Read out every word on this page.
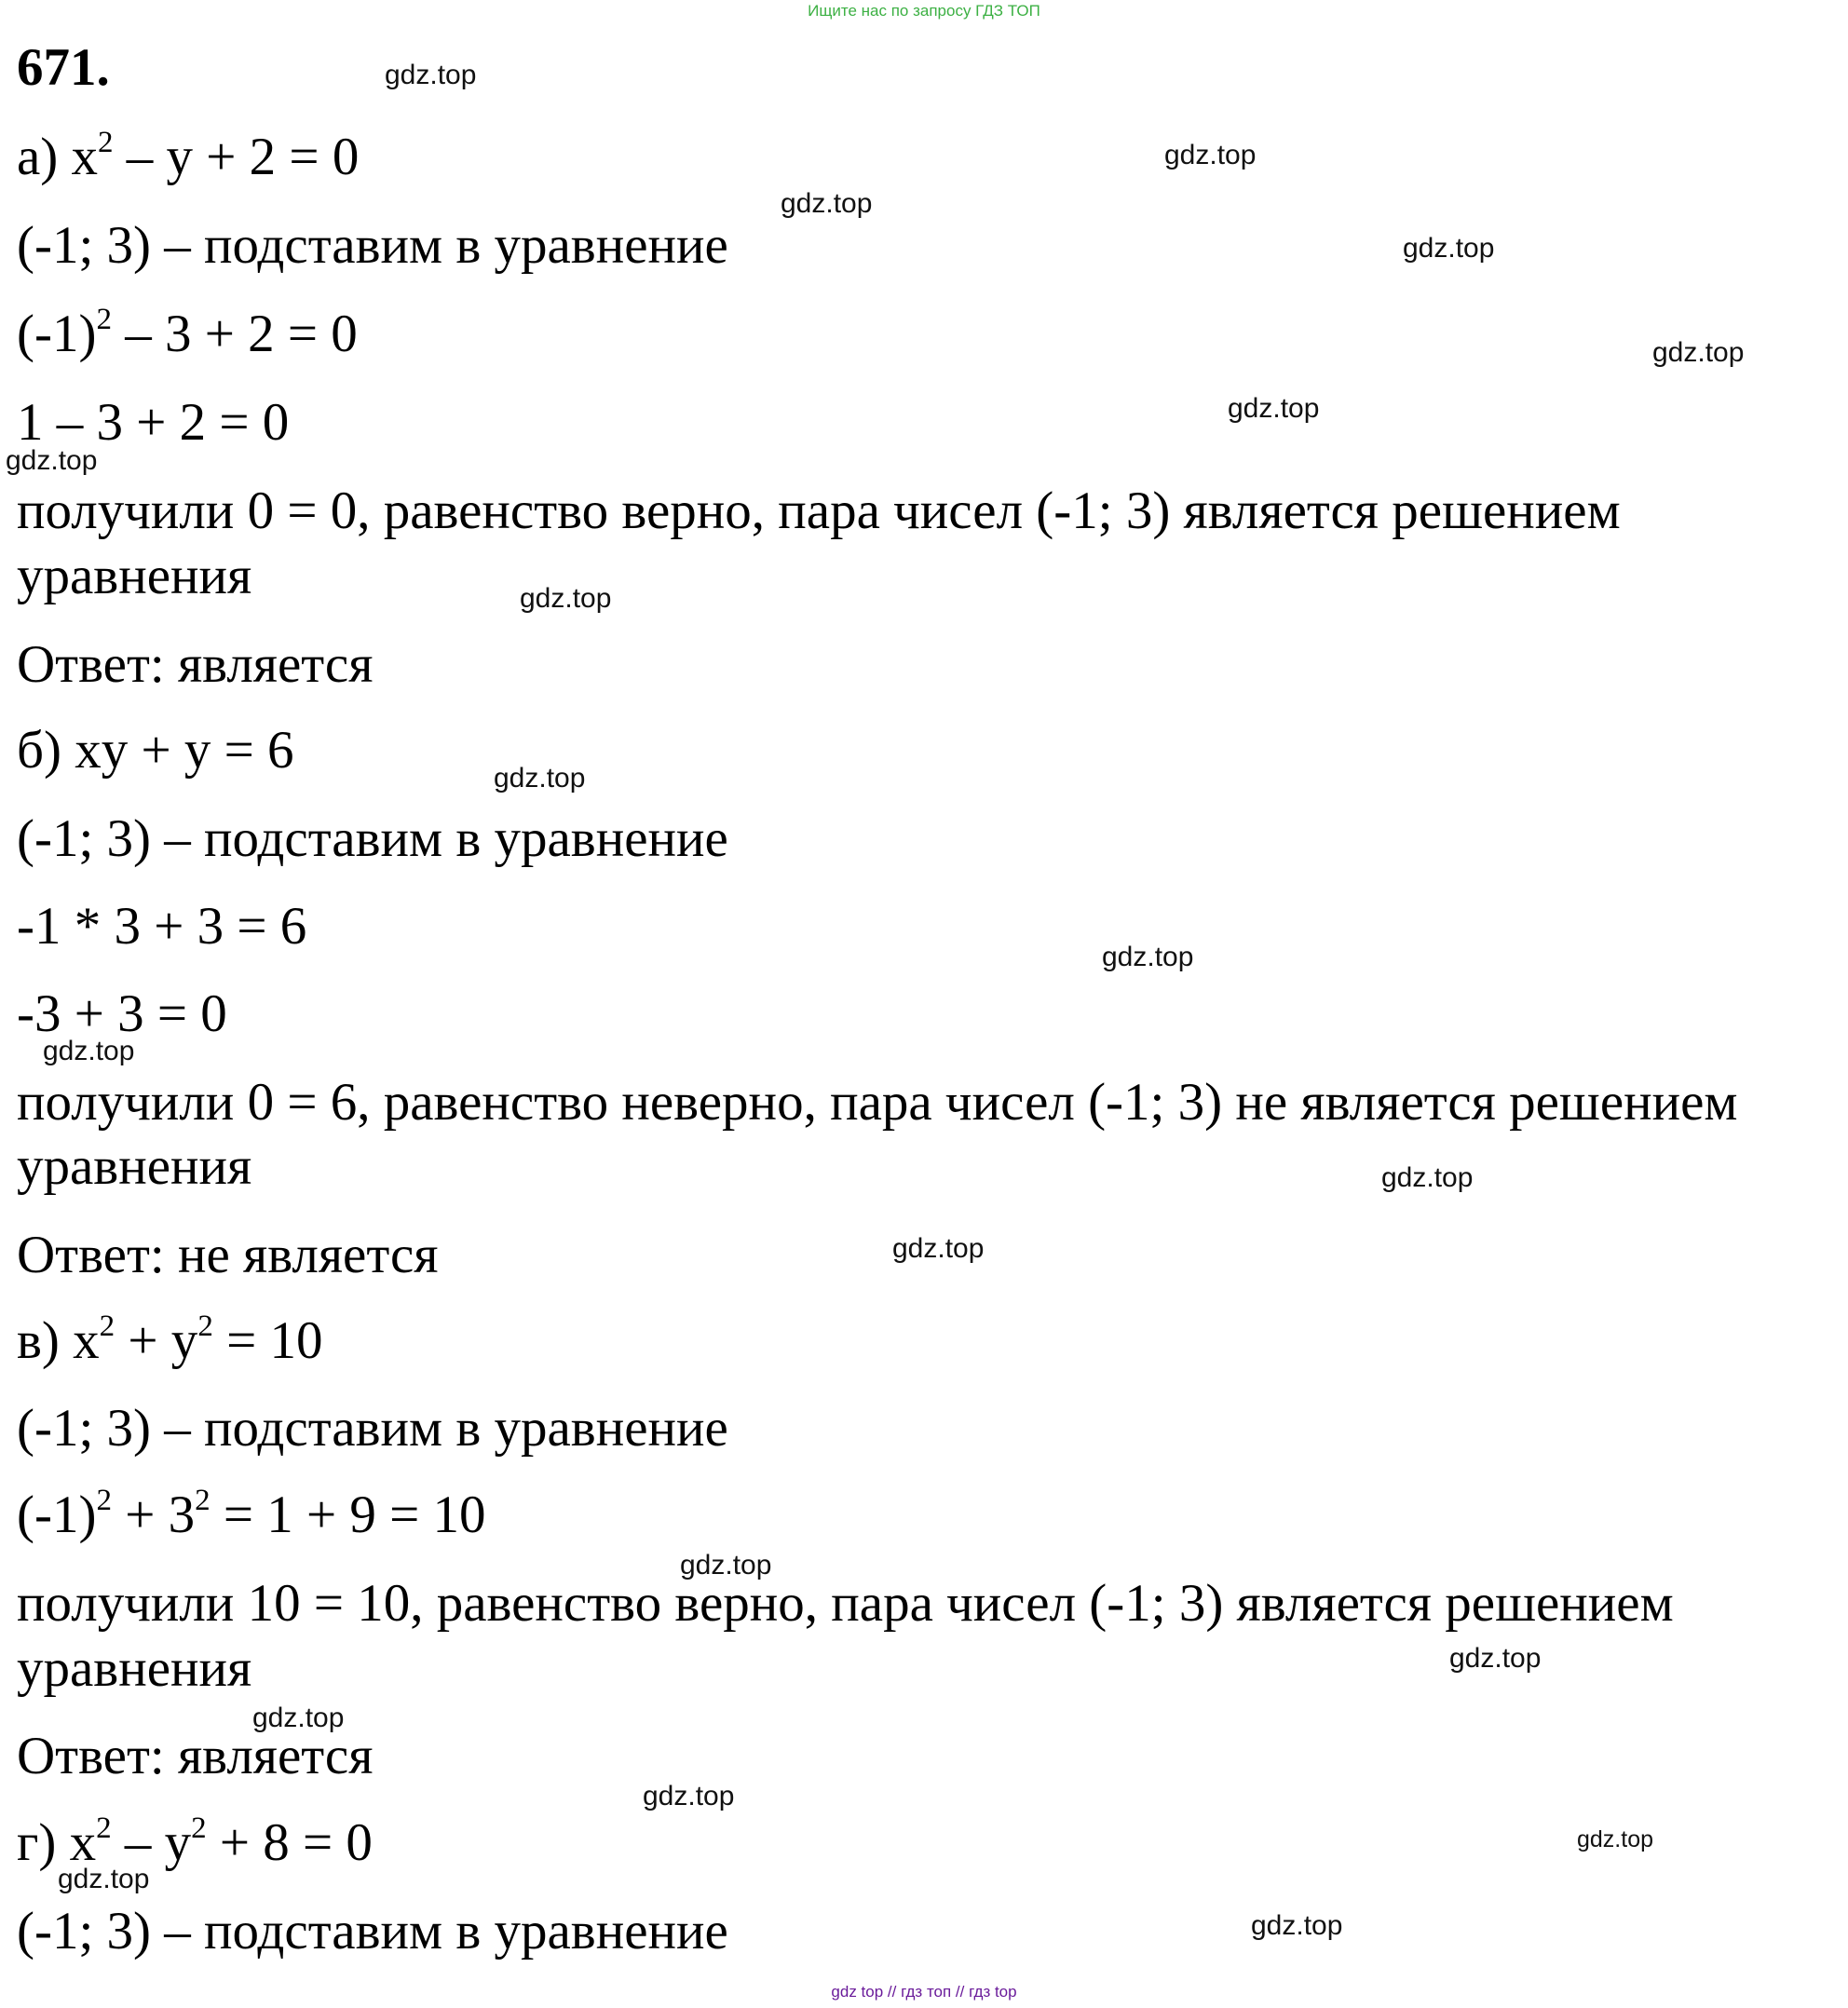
Ищите нас по запросу ГДЗ ТОП
671.
а) $x^2 - y + 2 = 0$
(-1; 3) – подставим в уравнение
$(-1)^2 - 3 + 2 = 0$
1 – 3 + 2 = 0
получили 0 = 0, равенство верно, пара чисел (-1; 3) является решением
уравнения
Ответ: является
б) xy + y = 6
(-1; 3) – подставим в уравнение
-1 * 3 + 3 = 6
-3 + 3 = 0
получили 0 = 6, равенство неверно, пара чисел (-1; 3) не является решением
уравнения
Ответ: не является
в) $x^2 + y^2 = 10$
(-1; 3) – подставим в уравнение
$(-1)^2 + 3^2 = 1 + 9 = 10$
получили 10 = 10, равенство верно, пара чисел (-1; 3) является решением
уравнения
Ответ: является
г) $x^2 - y^2 + 8 = 0$
(-1; 3) – подставим в уравнение
gdz.top
gdz.top
gdz.top
gdz.top
gdz.top
gdz.top
gdz.top
gdz.top
gdz.top
gdz.top
gdz.top
gdz.top
gdz.top
gdz.top
gdz.top
gdz.top
gdz.top
gdz.top
gdz.top
gdz.top
gdz top // гдз топ // гдз top
